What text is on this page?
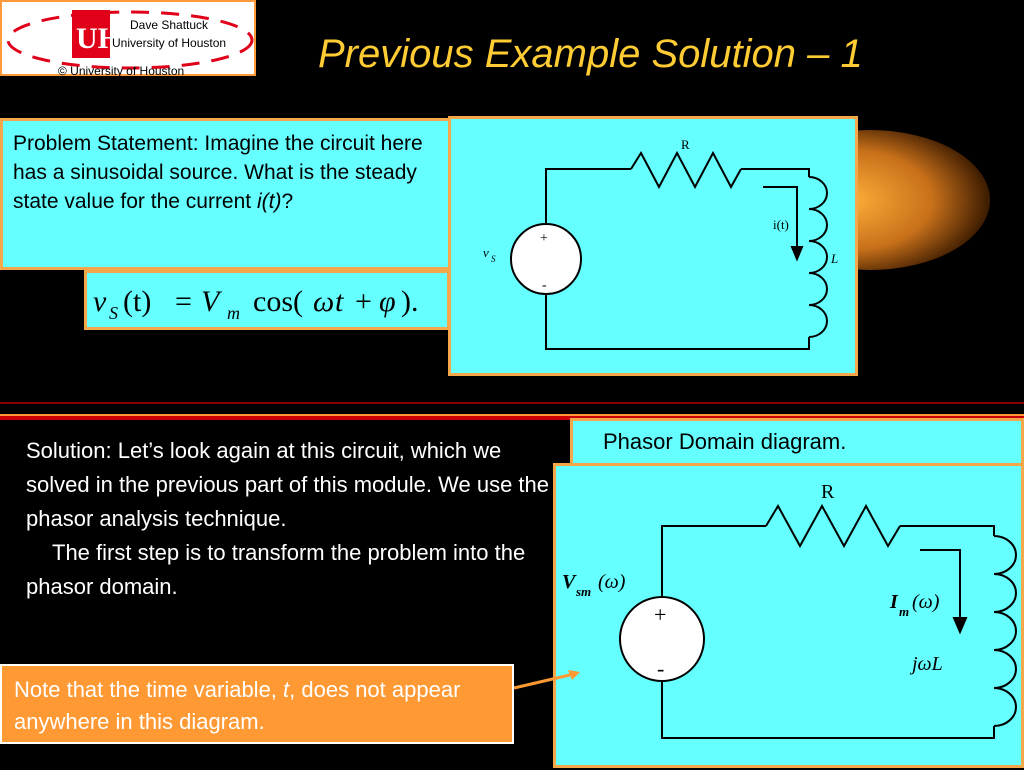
UH Dave Shattuck
University of Houston
© University of Houston	Previous Example Solution – 1
Problem Statement: Imagine the circuit here has a sinusoidal source. What is the steady state value for the current i(t)?
v S (t) = V m cos( ω t + φ ).
R
i(t)
v S	L
+
-
Solution: Let’s look again at this circuit, which we solved in the previous part of this module. We use the phasor analysis technique.
The first step is to transform the problem into the phasor domain.
Phasor Domain diagram.
R
V sm (ω)
I m (ω)
jωL
+
-
Note that the time variable, t, does not appear anywhere in this diagram.
